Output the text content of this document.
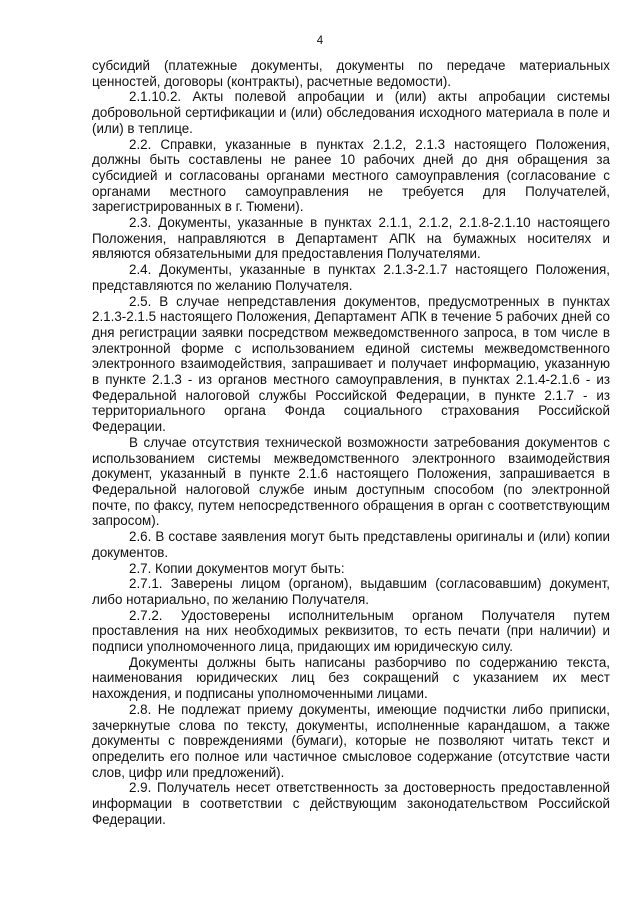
4

субсидий (платежные документы, документы по передаче материальных ценностей, договоры (контракты), расчетные ведомости).

2.1.10.2. Акты полевой апробации и (или) акты апробации системы добровольной сертификации и (или) обследования исходного материала в поле и (или) в теплице.

2.2. Справки, указанные в пунктах 2.1.2, 2.1.3 настоящего Положения, должны быть составлены не ранее 10 рабочих дней до дня обращения за субсидией и согласованы органами местного самоуправления (согласование с органами местного самоуправления не требуется для Получателей, зарегистрированных в г. Тюмени).

2.3. Документы, указанные в пунктах 2.1.1, 2.1.2, 2.1.8-2.1.10 настоящего Положения, направляются в Департамент АПК на бумажных носителях и являются обязательными для предоставления Получателями.

2.4. Документы, указанные в пунктах 2.1.3-2.1.7 настоящего Положения, представляются по желанию Получателя.

2.5. В случае непредставления документов, предусмотренных в пунктах 2.1.3-2.1.5 настоящего Положения, Департамент АПК в течение 5 рабочих дней со дня регистрации заявки посредством межведомственного запроса, в том числе в электронной форме с использованием единой системы межведомственного электронного взаимодействия, запрашивает и получает информацию, указанную в пункте 2.1.3 - из органов местного самоуправления, в пунктах 2.1.4-2.1.6 - из Федеральной налоговой службы Российской Федерации, в пункте 2.1.7 - из территориального органа Фонда социального страхования Российской Федерации.

В случае отсутствия технической возможности затребования документов с использованием системы межведомственного электронного взаимодействия документ, указанный в пункте 2.1.6 настоящего Положения, запрашивается в Федеральной налоговой службе иным доступным способом (по электронной почте, по факсу, путем непосредственного обращения в орган с соответствующим запросом).

2.6. В составе заявления могут быть представлены оригиналы и (или) копии документов.

2.7. Копии документов могут быть:

2.7.1. Заверены лицом (органом), выдавшим (согласовавшим) документ, либо нотариально, по желанию Получателя.

2.7.2. Удостоверены исполнительным органом Получателя путем проставления на них необходимых реквизитов, то есть печати (при наличии) и подписи уполномоченного лица, придающих им юридическую силу.

Документы должны быть написаны разборчиво по содержанию текста, наименования юридических лиц без сокращений с указанием их мест нахождения, и подписаны уполномоченными лицами.

2.8. Не подлежат приему документы, имеющие подчистки либо приписки, зачеркнутые слова по тексту, документы, исполненные карандашом, а также документы с повреждениями (бумаги), которые не позволяют читать текст и определить его полное или частичное смысловое содержание (отсутствие части слов, цифр или предложений).

2.9. Получатель несет ответственность за достоверность предоставленной информации в соответствии с действующим законодательством Российской Федерации.
